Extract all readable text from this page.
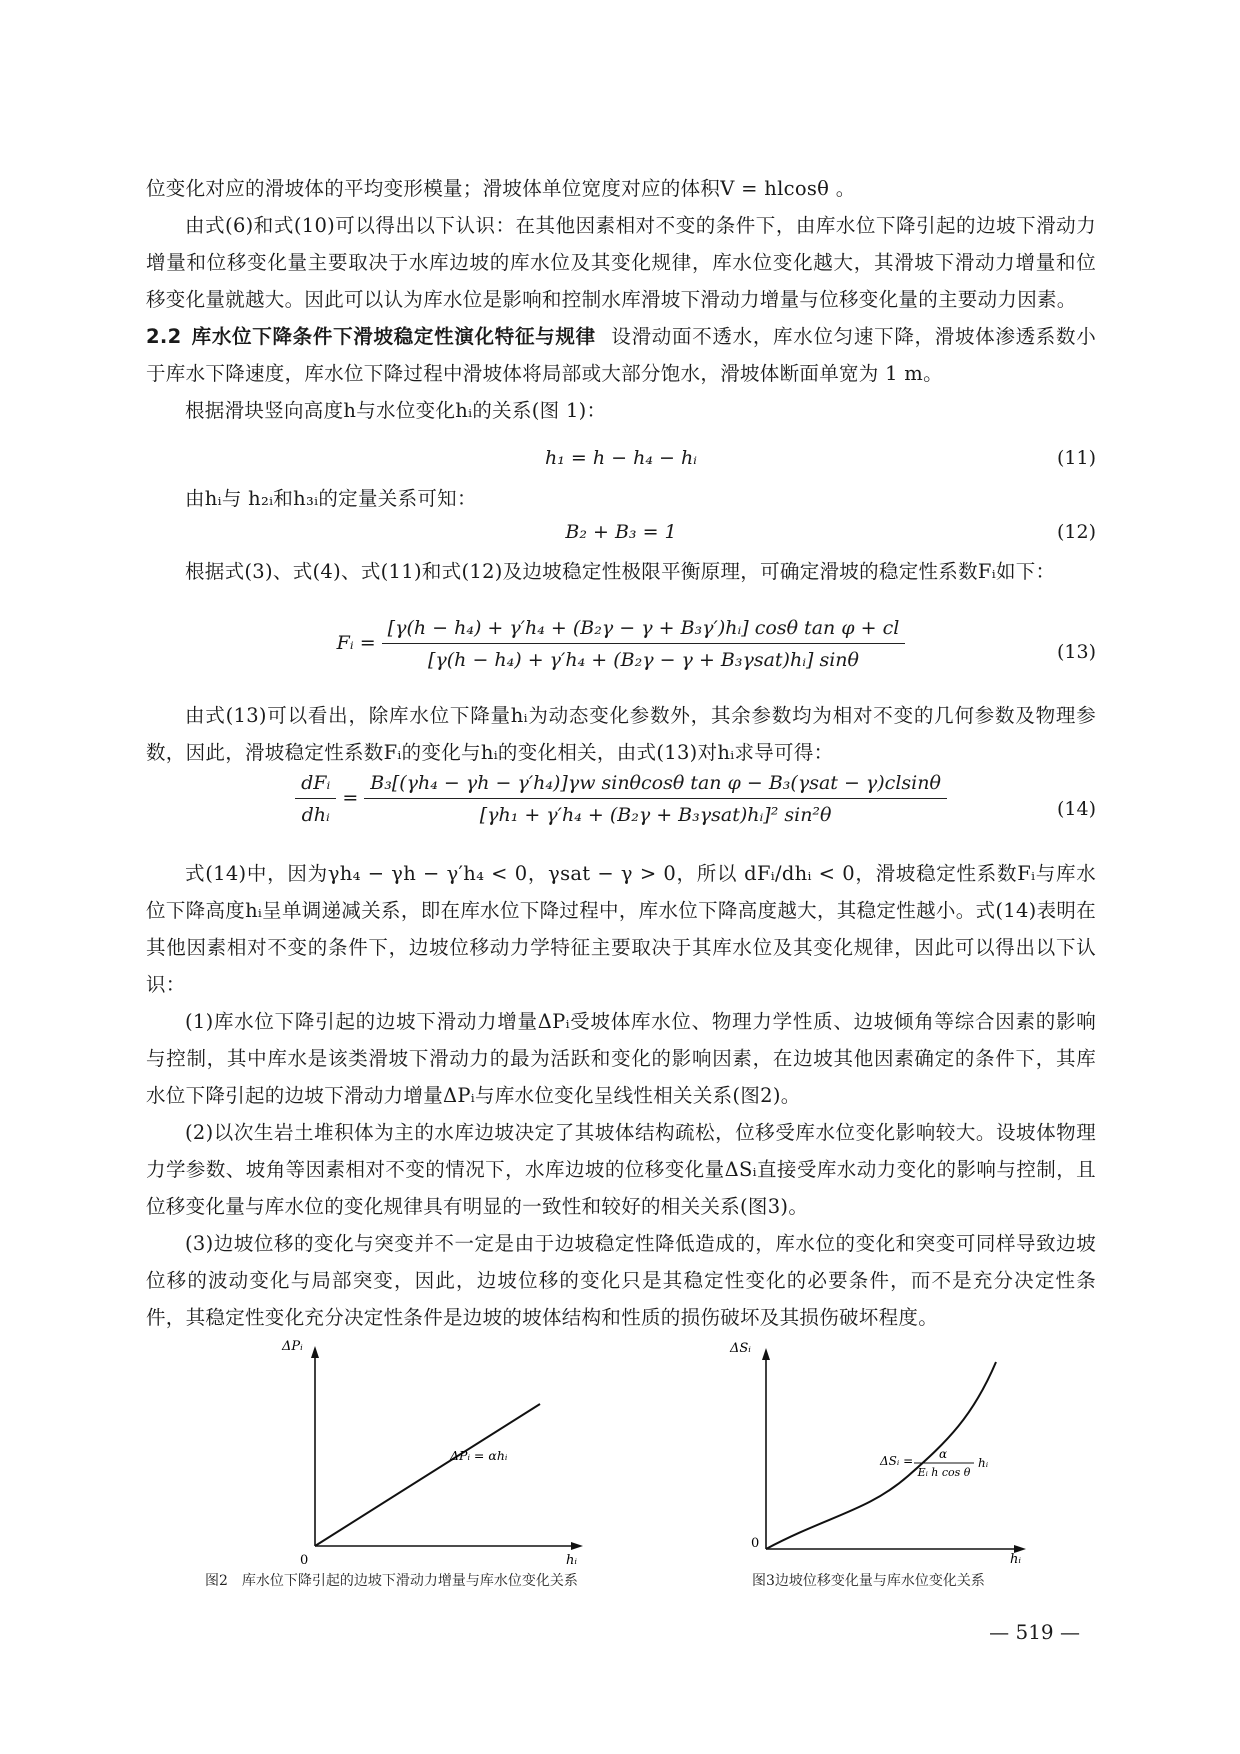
位变化对应的滑坡体的平均变形模量；滑坡体单位宽度对应的体积V = hlcosθ 。

由式(6)和式(10)可以得出以下认识：在其他因素相对不变的条件下，由库水位下降引起的边坡下滑动力增量和位移变化量主要取决于水库边坡的库水位及其变化规律，库水位变化越大，其滑坡下滑动力增量和位移变化量就越大。因此可以认为库水位是影响和控制水库滑坡下滑动力增量与位移变化量的主要动力因素。

2.2 库水位下降条件下滑坡稳定性演化特征与规律 设滑动面不透水，库水位匀速下降，滑坡体渗透系数小于库水下降速度，库水位下降过程中滑坡体将局部或大部分饱水，滑坡体断面单宽为 1 m。

根据滑块竖向高度h与水位变化hᵢ的关系(图 1)：

h₁ = h − h₄ − hᵢ	(11)

由hᵢ与 h₂ᵢ和h₃ᵢ的定量关系可知：

B₂ + B₃ = 1	(12)

根据式(3)、式(4)、式(11)和式(12)及边坡稳定性极限平衡原理，可确定滑坡的稳定性系数Fᵢ如下：

Fᵢ = $\frac{\text{[γ(h − h₄) + γ′h₄ + (B₂γ − γ + B₃γ′)hᵢ] cosθ tan φ + cl}}{\text{[γ(h − h₄) + γ′h₄ + (B₂γ − γ + B₃γsat)hᵢ] sinθ}}$	(13)

由式(13)可以看出，除库水位下降量hᵢ为动态变化参数外，其余参数均为相对不变的几何参数及物理参数，因此，滑坡稳定性系数Fᵢ的变化与hᵢ的变化相关，由式(13)对hᵢ求导可得：

$\frac{\text{dFᵢ}}{\text{dhᵢ}} = \frac{\text{B₃[(γh₄ − γh − γ′h₄)]γw sinθcosθ tan φ − B₃(γsat − γ)clsinθ}}{\text{[γh₁ + γ′h₄ + (B₂γ + B₃γsat)hᵢ]² sin²θ}}$	(14)

式(14)中，因为γh₄ − γh − γ′h₄ < 0，γsat − γ > 0，所以 dFᵢ/dhᵢ < 0，滑坡稳定性系数Fᵢ与库水位下降高度hᵢ呈单调递减关系，即在库水位下降过程中，库水位下降高度越大，其稳定性越小。式(14)表明在其他因素相对不变的条件下，边坡位移动力学特征主要取决于其库水位及其变化规律，因此可以得出以下认识：

(1)库水位下降引起的边坡下滑动力增量ΔPᵢ受坡体库水位、物理力学性质、边坡倾角等综合因素的影响与控制，其中库水是该类滑坡下滑动力的最为活跃和变化的影响因素，在边坡其他因素确定的条件下，其库水位下降引起的边坡下滑动力增量ΔPᵢ与库水位变化呈线性相关关系(图2)。

(2)以次生岩土堆积体为主的水库边坡决定了其坡体结构疏松，位移受库水位变化影响较大。设坡体物理力学参数、坡角等因素相对不变的情况下，水库边坡的位移变化量ΔSᵢ直接受库水动力变化的影响与控制，且位移变化量与库水位的变化规律具有明显的一致性和较好的相关关系(图3)。

(3)边坡位移的变化与突变并不一定是由于边坡稳定性降低造成的，库水位的变化和突变可同样导致边坡位移的波动变化与局部突变，因此，边坡位移的变化只是其稳定性变化的必要条件，而不是充分决定性条件，其稳定性变化充分决定性条件是边坡的坡体结构和性质的损伤破坏及其损伤破坏程度。

ΔPᵢ
0	hᵢ
ΔPᵢ = αhᵢ
图2　库水位下降引起的边坡下滑动力增量与库水位变化关系
ΔSᵢ
0
hᵢ
ΔSᵢ = α
Eᵢ h cos θ
hᵢ
图3边坡位移变化量与库水位变化关系
— 519 —
